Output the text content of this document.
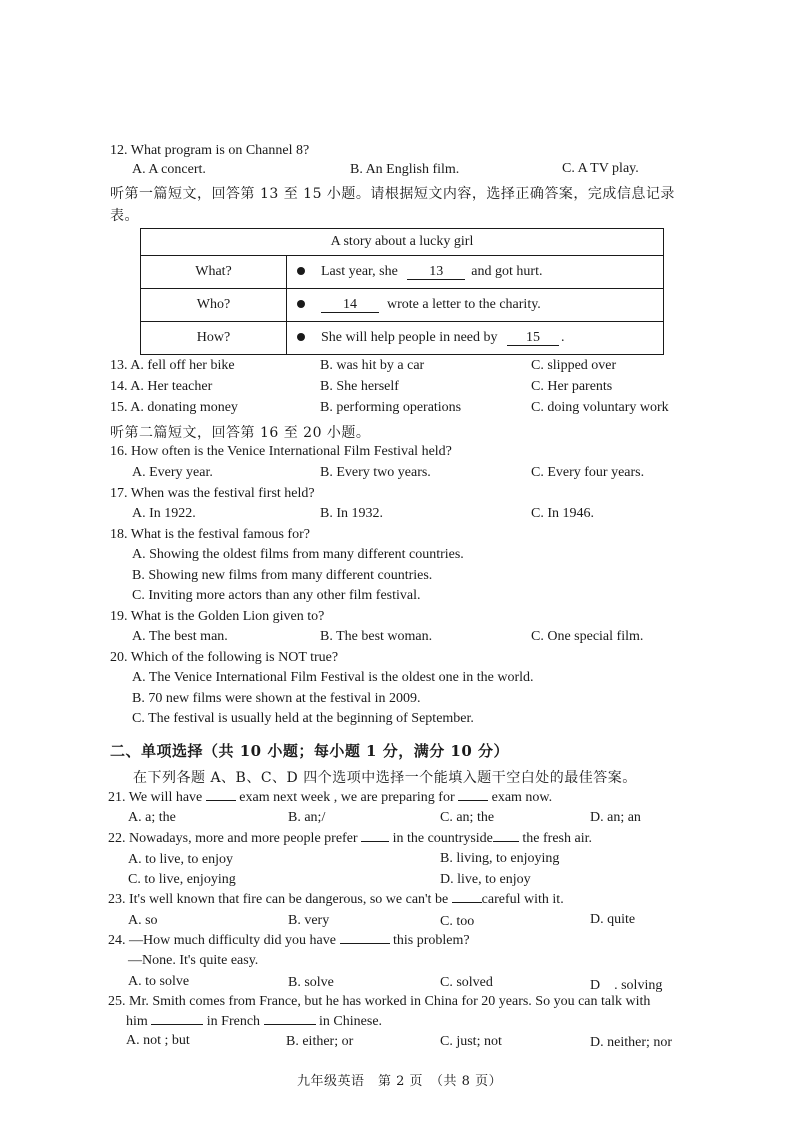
12. What program is on Channel 8?
A. A concert.	B. An English film.	C. A TV play.
听第一篇短文，回答第 13 至 15 小题。请根据短文内容，选择正确答案，完成信息记录
表。
A story about a lucky girl	
What?	Last year, she 13 and got hurt.
Who?	14 wrote a letter to the charity.
How?	She will help people in need by 15 .
13. A. fell off her bike	B. was hit by a car	C. slipped over
14. A. Her teacher	B. She herself	C. Her parents
15. A. donating money	B. performing operations	C. doing voluntary work
听第二篇短文，回答第 16 至 20 小题。
16. How often is the Venice International Film Festival held?
A. Every year.	B. Every two years.	C. Every four years.
17. When was the festival first held?
A. In 1922.	B. In 1932.	C. In 1946.
18. What is the festival famous for?
A. Showing the oldest films from many different countries.
B. Showing new films from many different countries.
C. Inviting more actors than any other film festival.
19. What is the Golden Lion given to?
A. The best man.	B. The best woman.	C. One special film.
20. Which of the following is NOT true?
A. The Venice International Film Festival is the oldest one in the world.
B. 70 new films were shown at the festival in 2009.
C. The festival is usually held at the beginning of September.
二、单项选择（共 10 小题；每小题 1 分，满分 10 分）
在下列各题 A、B、C、D 四个选项中选择一个能填入题干空白处的最佳答案。
21. We will have	exam next week , we are preparing for	exam now.
A. a; the	B. an;/	C. an; the	D. an; an
22. Nowadays, more and more people prefer	in the countryside the fresh air.
A. to live, to enjoy	B. living, to enjoying
C. to live, enjoying	D. live, to enjoy
23. It's well known that fire can be dangerous, so we can't be careful with it.
A. so	B. very	C. too	D. quite
24. —How much difficulty did you have	this problem?
—None. It's quite easy.
A. to solve	B. solve	C. solved	D　. solving
25. Mr. Smith comes from France, but he has worked in China for 20 years. So you can talk with
him	in French	in Chinese.
A. not ; but	B. either; or	C. just; not	D. neither; nor
九年级英语　第 2 页　（共 8 页）
